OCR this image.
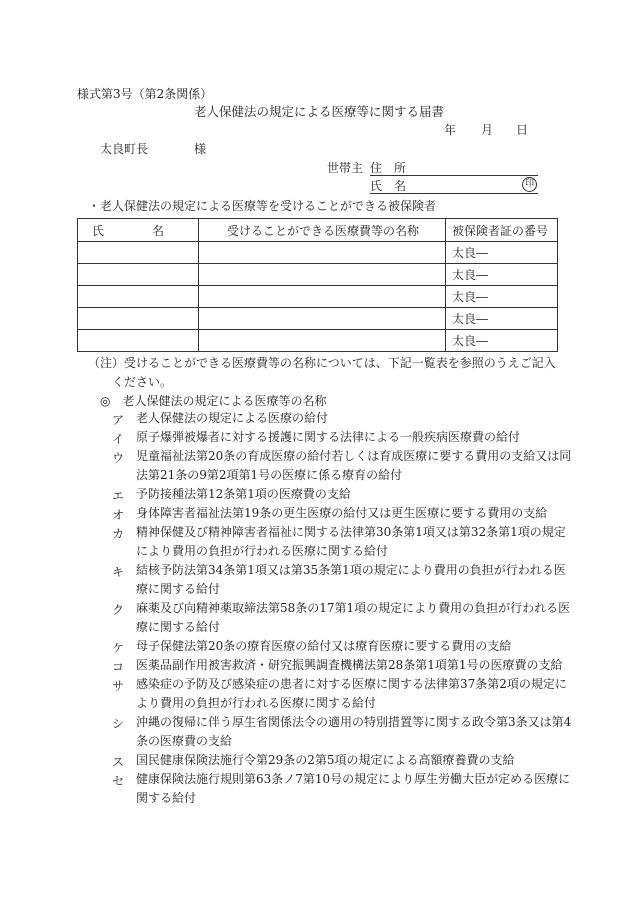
様式第3号（第2条関係）
老人保健法の規定による医療等に関する届書
年 月 日
太良町長	様
世帯主 住　所
氏　名	印
・老人保健法の規定による医療等を受けることができる被保険者
氏　　　　名	受けることができる医療費等の名称	被保険者証の番号
		太良―
		太良―
		太良―
		太良―
		太良―
（注） 受けることができる医療費等の名称については、下記一覧表を参照のうえご記入
ください。
◎　老人保健法の規定による医療等の名称
ア 老人保健法の規定による医療の給付
イ 原子爆弾被爆者に対する援護に関する法律による一般疾病医療費の給付
ウ 児童福祉法第20条の育成医療の給付若しくは育成医療に要する費用の支給又は同法第21条の9第2項第1号の医療に係る療育の給付
エ 予防接種法第12条第1項の医療費の支給
オ 身体障害者福祉法第19条の更生医療の給付又は更生医療に要する費用の支給
カ 精神保健及び精神障害者福祉に関する法律第30条第1項又は第32条第1項の規定により費用の負担が行われる医療に関する給付
キ 結核予防法第34条第1項又は第35条第1項の規定により費用の負担が行われる医療に関する給付
ク 麻薬及び向精神薬取締法第58条の17第1項の規定により費用の負担が行われる医療に関する給付
ケ 母子保健法第20条の療育医療の給付又は療育医療に要する費用の支給
コ 医薬品副作用被害救済・研究振興調査機構法第28条第1項第1号の医療費の支給
サ 感染症の予防及び感染症の患者に対する医療に関する法律第37条第2項の規定により費用の負担が行われる医療に関する給付
シ 沖縄の復帰に伴う厚生省関係法令の適用の特別措置等に関する政令第3条又は第4条の医療費の支給
ス 国民健康保険法施行令第29条の2第5項の規定による高額療養費の支給
セ 健康保険法施行規則第63条ノ7第10号の規定により厚生労働大臣が定める医療に関する給付
